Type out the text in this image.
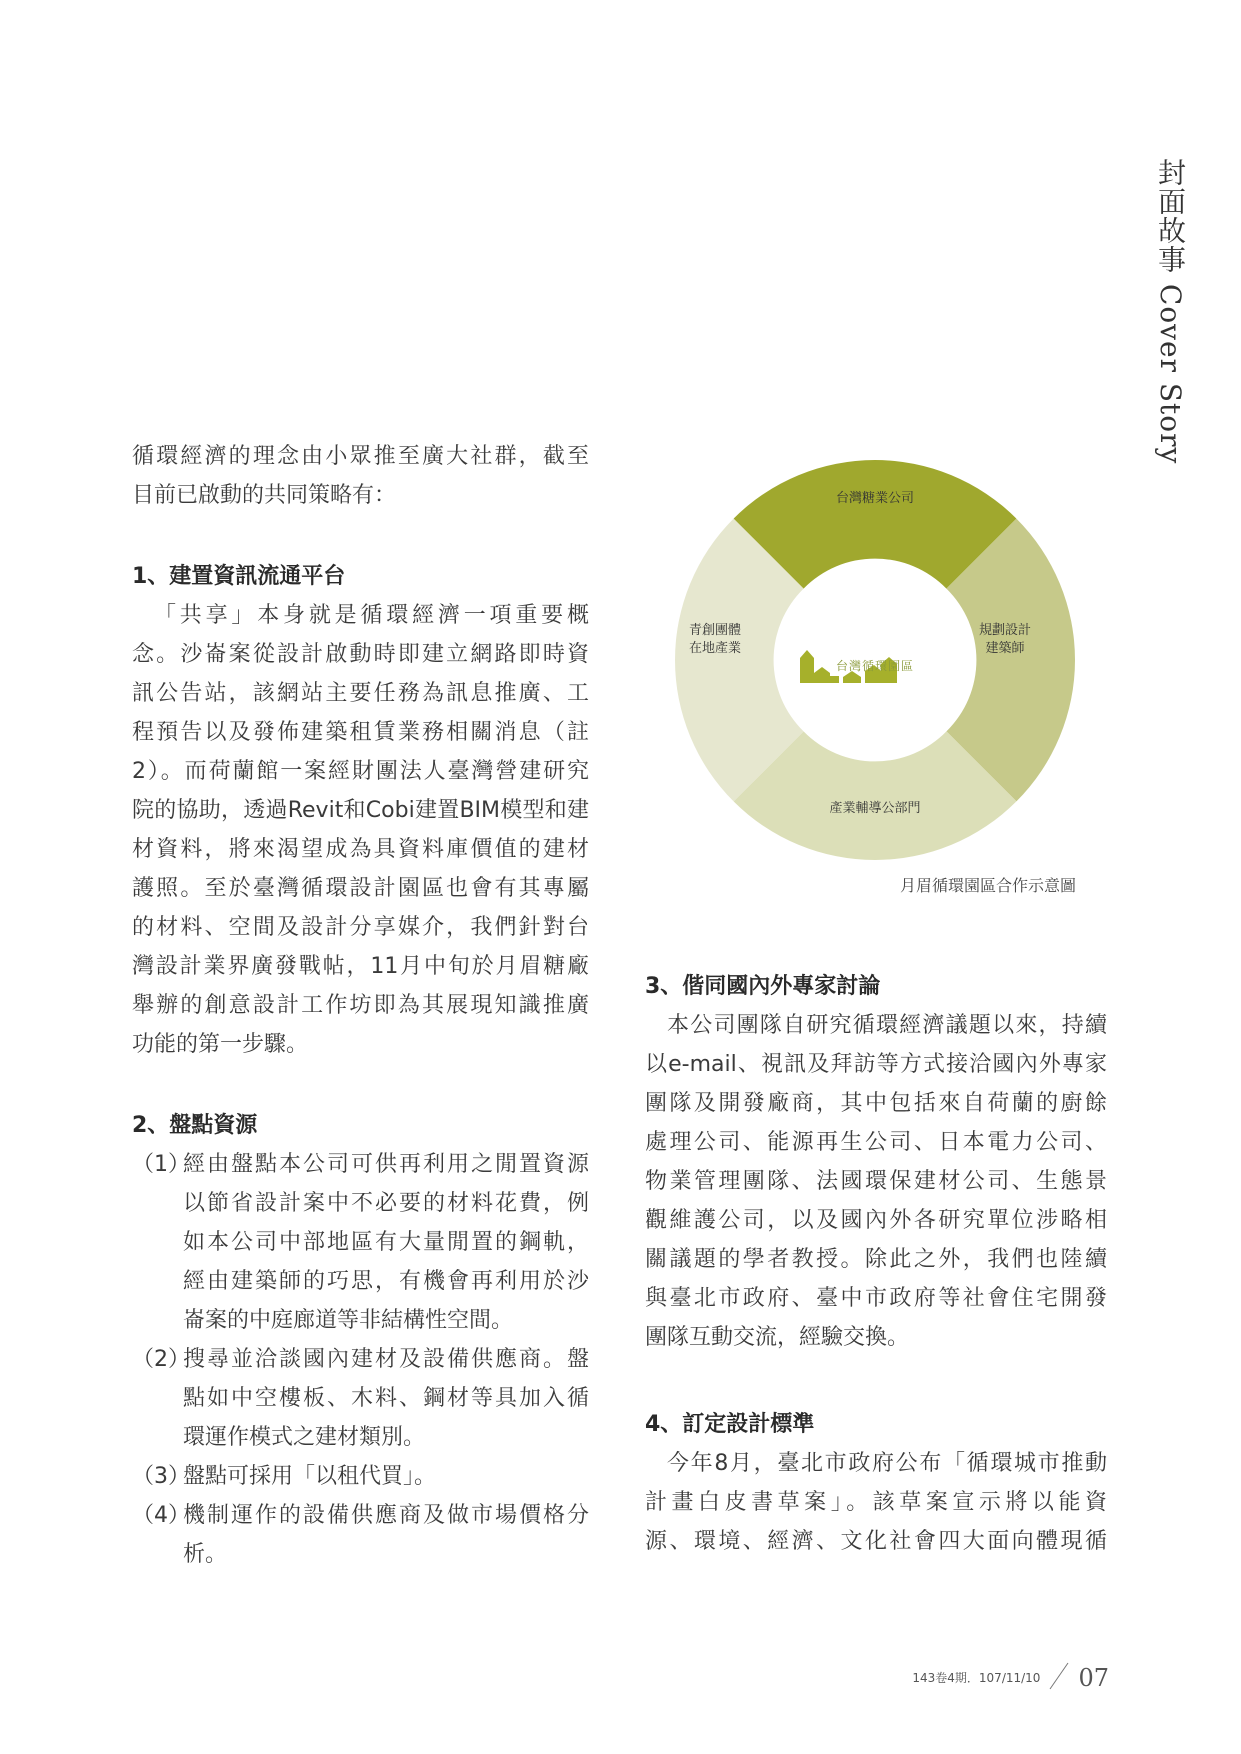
封面故事 Cover Story

循環經濟的理念由小眾推至廣大社群，截至

目前已啟動的共同策略有：

1、建置資訊流通平台

「共享」本身就是循環經濟一項重要概

念。沙崙案從設計啟動時即建立網路即時資

訊公告站，該網站主要任務為訊息推廣、工

程預告以及發佈建築租賃業務相關消息（註

2）。而荷蘭館一案經財團法人臺灣營建研究

院的協助，透過Revit和Cobi建置BIM模型和建

材資料，將來渴望成為具資料庫價值的建材

護照。至於臺灣循環設計園區也會有其專屬

的材料、空間及設計分享媒介，我們針對台

灣設計業界廣發戰帖，11月中旬於月眉糖廠

舉辦的創意設計工作坊即為其展現知識推廣

功能的第一步驟。

2、盤點資源
（1）

經由盤點本公司可供再利用之閒置資源

以節省設計案中不必要的材料花費，例

如本公司中部地區有大量閒置的鋼軌，

經由建築師的巧思，有機會再利用於沙

崙案的中庭廊道等非結構性空間。

（2）

搜尋並洽談國內建材及設備供應商。盤

點如中空樓板、木料、鋼材等具加入循

環運作模式之建材類別。

（3）

盤點可採用「以租代買」。

（4）

機制運作的設備供應商及做市場價格分

析。

台灣糖業公司
規劃設計
建築師
產業輔導公部門
青創團體
在地產業
台灣循環園區
月眉循環園區合作示意圖
3、偕同國內外專家討論

本公司團隊自研究循環經濟議題以來，持續

以e-mail、視訊及拜訪等方式接洽國內外專家

團隊及開發廠商，其中包括來自荷蘭的廚餘

處理公司、能源再生公司、日本電力公司、

物業管理團隊、法國環保建材公司、生態景

觀維護公司，以及國內外各研究單位涉略相

關議題的學者教授。除此之外，我們也陸續

與臺北市政府、臺中市政府等社會住宅開發

團隊互動交流，經驗交換。

4、訂定設計標準

今年8月，臺北市政府公布「循環城市推動

計畫白皮書草案」。該草案宣示將以能資

源、環境、經濟、文化社會四大面向體現循

143卷4期．107/11/10 07
